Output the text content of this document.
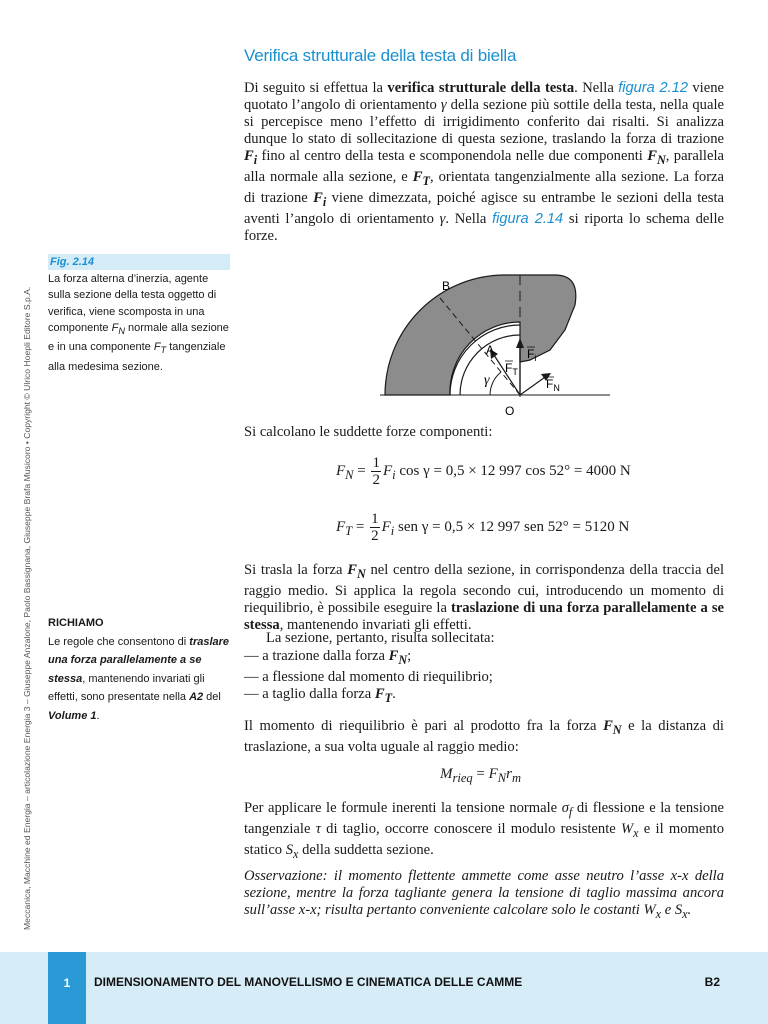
Meccanica, Macchine ed Energia – articolazione Energia 3 – Giuseppe Anzalone, Paolo Bassignana, Giuseppe Brafa Musicoro • Copyright © Ulrico Hoepli Editore S.p.A.
Verifica strutturale della testa di biella

Di seguito si effettua la verifica strutturale della testa. Nella figura 2.12 viene quotato l’angolo di orientamento γ della sezione più sottile della testa, nella quale si percepisce meno l’effetto di irrigidimento conferito dai risalti. Si analizza dunque lo stato di sollecitazione di questa sezione, traslando la forza di trazione $F_i$ fino al centro della testa e scomponendola nelle due componenti $F_N$, parallela alla normale alla sezione, e $F_T$, orientata tangenzialmente alla sezione. La forza di trazione $F_i$ viene dimezzata, poiché agisce su entrambe le sezioni della testa aventi l’angolo di orientamento γ. Nella figura 2.14 si riporta lo schema delle forze.

Fig. 2.14
La forza alterna d’inerzia, agente sulla sezione della testa oggetto di verifica, viene scomposta in una componente $F_N$ normale alla sezione e in una componente $F_T$ tangenziale alla medesima sezione.
B
A
O
γ
$F_i$
$F_T$
$F_N$

Si calcolano le suddette forze componenti:

$F_N = \frac{1}{2} F_i$ cos γ = 0,5 × 12 997 cos 52° = 4000 N
$F_T = \frac{1}{2} F_i$ sen γ = 0,5 × 12 997 sen 52° = 5120 N

Si trasla la forza $F_N$ nel centro della sezione, in corrispondenza della traccia del raggio medio. Si applica la regola secondo cui, introducendo un momento di riequilibrio, è possibile eseguire la traslazione di una forza parallelamente a se stessa, mantenendo invariati gli effetti.

La sezione, pertanto, risulta sollecitata:

— a trazione dalla forza $F_N$;
— a flessione dal momento di riequilibrio;
— a taglio dalla forza $F_T$.

Il momento di riequilibrio è pari al prodotto fra la forza $F_N$ e la distanza di traslazione, a sua volta uguale al raggio medio:

$M_{rieq} = F_Nr_m$

Per applicare le formule inerenti la tensione normale $\sigma_f$ di flessione e la tensione tangenziale τ di taglio, occorre conoscere il modulo resistente $W_x$ e il momento statico $S_x$ della suddetta sezione.

Osservazione: il momento flettente ammette come asse neutro l’asse x-x della sezione, mentre la forza tagliante genera la tensione di taglio massima ancora sull’asse x-x; risulta pertanto conveniente calcolare solo le costanti $W_x$ e $S_x$.

RICHIAMO
Le regole che consentono di traslare una forza parallelamente a se stessa, mantenendo invariati gli effetti, sono presentate nella A2 del Volume 1.
1	DIMENSIONAMENTO DEL MANOVELLISMO E CINEMATICA DELLE CAMME	B2
